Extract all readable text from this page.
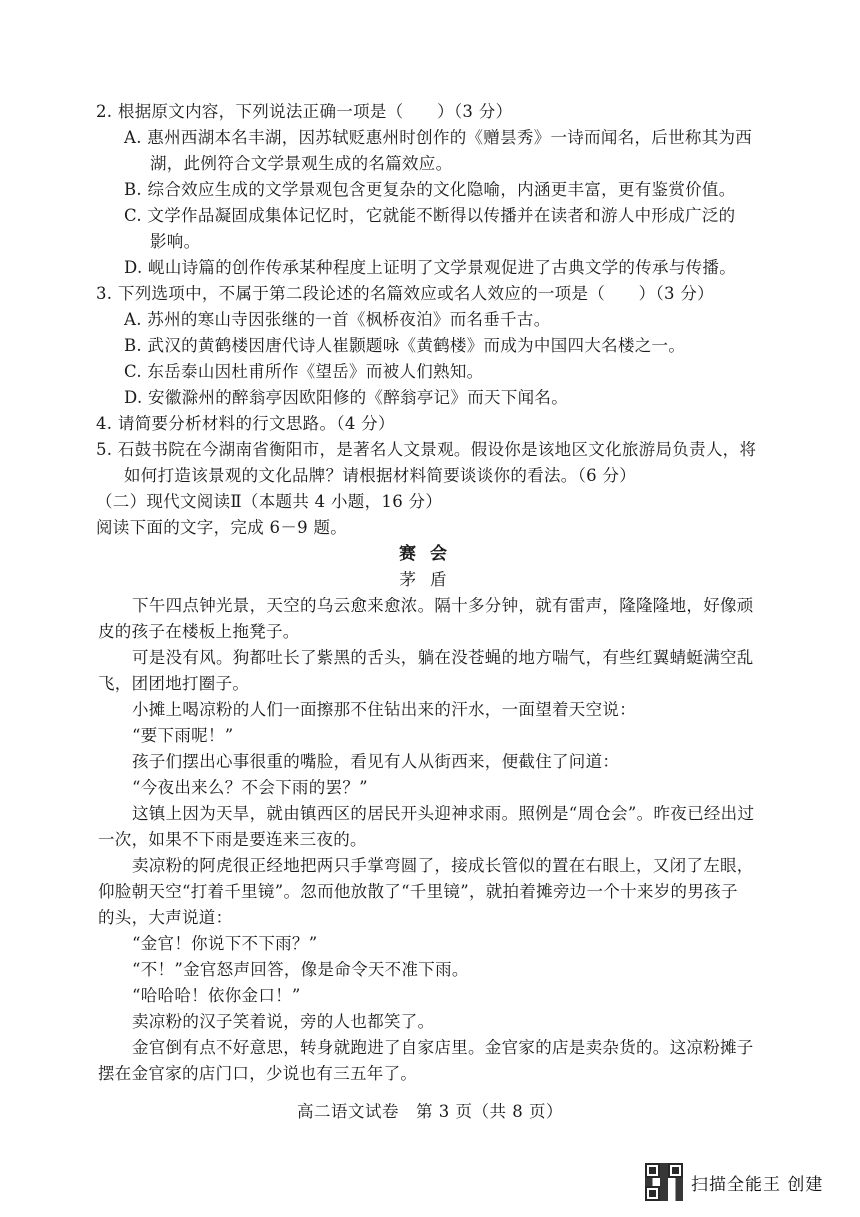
2. 根据原文内容，下列说法正确一项是（　　）（3 分）
A. 惠州西湖本名丰湖，因苏轼贬惠州时创作的《赠昙秀》一诗而闻名，后世称其为西
湖，此例符合文学景观生成的名篇效应。
B. 综合效应生成的文学景观包含更复杂的文化隐喻，内涵更丰富，更有鉴赏价值。
C. 文学作品凝固成集体记忆时，它就能不断得以传播并在读者和游人中形成广泛的
影响。
D. 岘山诗篇的创作传承某种程度上证明了文学景观促进了古典文学的传承与传播。
3. 下列选项中，不属于第二段论述的名篇效应或名人效应的一项是（　　）（3 分）
A. 苏州的寒山寺因张继的一首《枫桥夜泊》而名垂千古。
B. 武汉的黄鹤楼因唐代诗人崔颢题咏《黄鹤楼》而成为中国四大名楼之一。
C. 东岳泰山因杜甫所作《望岳》而被人们熟知。
D. 安徽滁州的醉翁亭因欧阳修的《醉翁亭记》而天下闻名。
4. 请简要分析材料的行文思路。（4 分）
5. 石鼓书院在今湖南省衡阳市，是著名人文景观。假设你是该地区文化旅游局负责人，将
如何打造该景观的文化品牌？请根据材料简要谈谈你的看法。（6 分）
（二）现代文阅读Ⅱ（本题共 4 小题，16 分）
阅读下面的文字，完成 6－9 题。
赛会
茅盾
下午四点钟光景，天空的乌云愈来愈浓。隔十多分钟，就有雷声，隆隆隆地，好像顽
皮的孩子在楼板上拖凳子。
可是没有风。狗都吐长了紫黑的舌头，躺在没苍蝇的地方喘气，有些红翼蜻蜓满空乱
飞，团团地打圈子。
小摊上喝凉粉的人们一面擦那不住钻出来的汗水，一面望着天空说：
“要下雨呢！”
孩子们摆出心事很重的嘴脸，看见有人从街西来，便截住了问道：
“今夜出来么？不会下雨的罢？”
这镇上因为天旱，就由镇西区的居民开头迎神求雨。照例是“周仓会”。昨夜已经出过
一次，如果不下雨是要连来三夜的。
卖凉粉的阿虎很正经地把两只手掌弯圆了，接成长管似的置在右眼上，又闭了左眼，
仰脸朝天空“打着千里镜”。忽而他放散了“千里镜”，就拍着摊旁边一个十来岁的男孩子
的头，大声说道：
“金官！你说下不下雨？”
“不！”金官怒声回答，像是命令天不准下雨。
“哈哈哈！依你金口！”
卖凉粉的汉子笑着说，旁的人也都笑了。
金官倒有点不好意思，转身就跑进了自家店里。金官家的店是卖杂货的。这凉粉摊子
摆在金官家的店门口，少说也有三五年了。
高二语文试卷　第 3 页（共 8 页）
扫描全能王 创建
